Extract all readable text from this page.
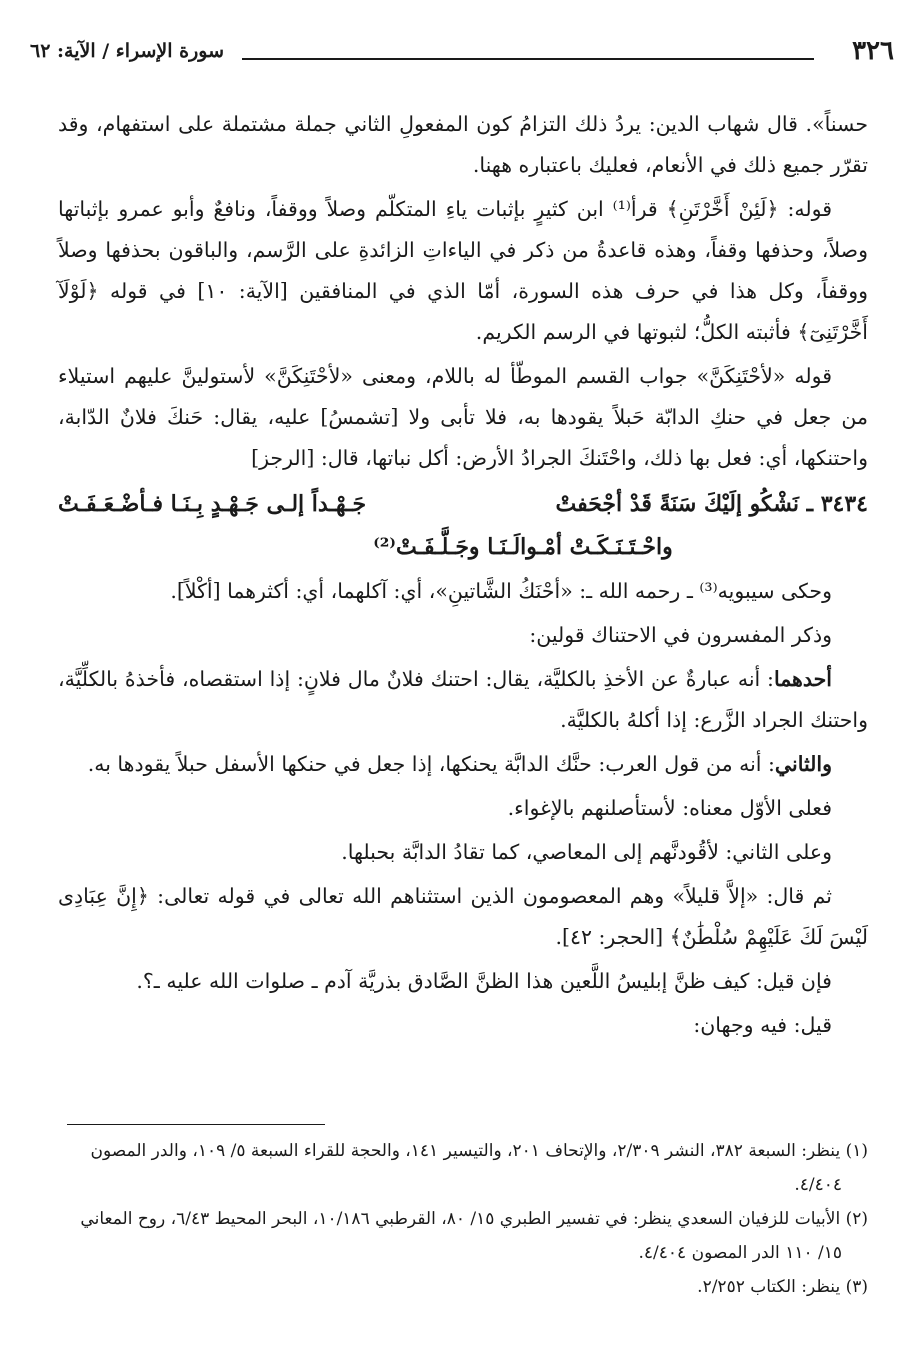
٣٢٦
سورة الإسراء / الآية: ٦٢

حسناً». قال شهاب الدين: يردُ ذلك التزامُ كون المفعولِ الثاني جملة مشتملة على استفهام، وقد تقرّر جميع ذلك في الأنعام، فعليك باعتباره ههنا.

قوله: ﴿لَئِنْ أَخَّرْتَنِ﴾ قرأ⁽¹⁾ ابن كثيرٍ بإثبات ياءِ المتكلّم وصلاً ووقفاً، ونافعٌ وأبو عمرو بإثباتها وصلاً، وحذفها وقفاً، وهذه قاعدةُ من ذكر في الياءاتِ الزائدةِ على الرَّسم، والباقون بحذفها وصلاً ووقفاً، وكل هذا في حرف هذه السورة، أمّا الذي في المنافقين [الآية: ١٠] في قوله ﴿لَوْلَآ أَخَّرْتَنِىٓ﴾ فأثبته الكلُّ؛ لثبوتها في الرسم الكريم.

قوله «لأحْتَنِكَنَّ» جواب القسم الموطّأ له باللام، ومعنى «لأحْتَنِكَنَّ» لأستولينَّ عليهم استيلاء من جعل في حنكِ الدابّة حَبلاً يقودها به، فلا تأبى ولا [تشمسُ] عليه، يقال: حَنكَ فلانٌ الدّابة، واحتنكها، أي: فعل بها ذلك، واحْتَنكَ الجرادُ الأرض: أكل نباتها، قال: [الرجز]

٣٤٣٤ ـ نَشْكُو إلَيْكَ سَنَةً قَدْ أجْحَفتْ
جَـهْـداً إلـى جَـهْـدٍ بِـنَـا فـأضْـعَـفَـتْ
واحْـتَـنَـكَـتْ أمْـوالَـنَـا وجَـلَّـفَـتْ⁽²⁾

وحكى سيبويه⁽³⁾ ـ رحمه الله ـ: «أحْنَكُ الشَّاتينِ»، أي: آكلهما، أي: أكثرهما [أكْلاً].

وذكر المفسرون في الاحتناك قولين:

أحدهما: أنه عبارةٌ عن الأخذِ بالكليَّة، يقال: احتنك فلانٌ مال فلانٍ: إذا استقصاه، فأخذهُ بالكلِّيَّة، واحتنك الجراد الزَّرع: إذا أكلهُ بالكليَّة.

والثاني: أنه من قول العرب: حنَّك الدابَّة يحنكها، إذا جعل في حنكها الأسفل حبلاً يقودها به.

فعلى الأوّل معناه: لأستأصلنهم بالإغواء.

وعلى الثاني: لأقُودنَّهم إلى المعاصي، كما تقادُ الدابَّة بحبلها.

ثم قال: «إلاَّ قليلاً» وهم المعصومون الذين استثناهم الله تعالى في قوله تعالى: ﴿إِنَّ عِبَادِى لَيْسَ لَكَ عَلَيْهِمْ سُلْطَٰنٌ﴾ [الحجر: ٤٢].

فإن قيل: كيف ظنَّ إبليسُ اللَّعين هذا الظنَّ الصَّادق بذريَّة آدم ـ صلوات الله عليه ـ؟.

قيل: فيه وجهان:

(١) ينظر: السبعة ٣٨٢، النشر ٢/٣٠٩، والإتحاف ٢٠١، والتيسير ١٤١، والحجة للقراء السبعة ٥/ ١٠٩، والدر المصون ٤/٤٠٤.

(٢) الأبيات للزفيان السعدي ينظر: في تفسير الطبري ١٥/ ٨٠، القرطبي ١٠/١٨٦، البحر المحيط ٦/٤٣، روح المعاني ١٥/ ١١٠ الدر المصون ٤/٤٠٤.

(٣) ينظر: الكتاب ٢/٢٥٢.
